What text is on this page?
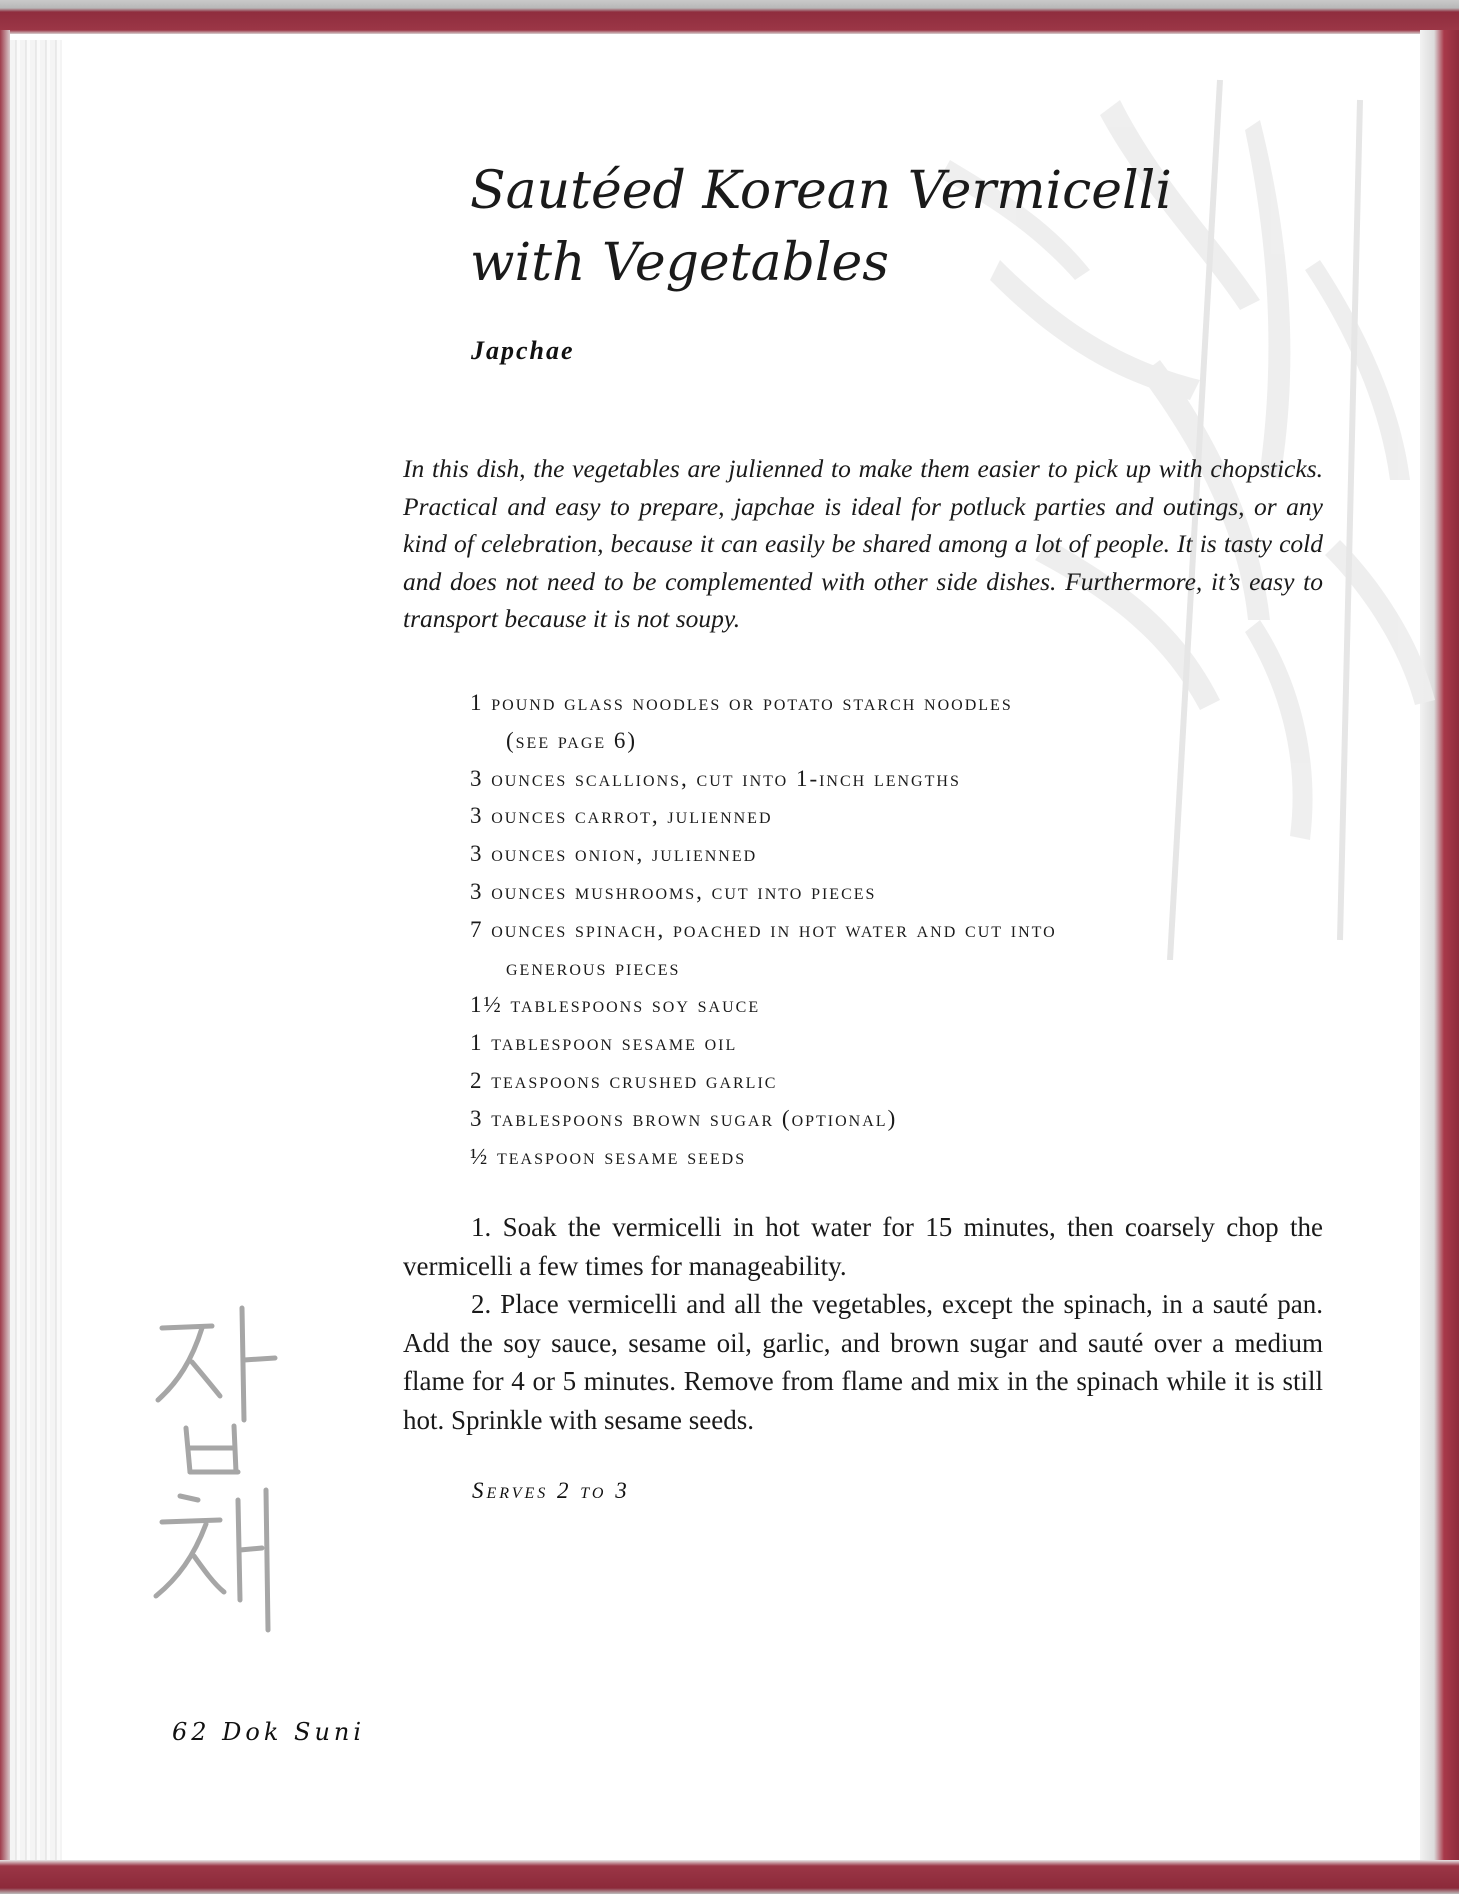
Sautéed Korean Vermicelli
with Vegetables

Japchae

In this dish, the vegetables are julienned to make them easier to pick up with chopsticks. Practical and easy to prepare, japchae is ideal for potluck parties and outings, or any kind of celebration, because it can easily be shared among a lot of people. It is tasty cold and does not need to be complemented with other side dishes. Furthermore, it’s easy to transport because it is not soupy.

1 pound glass noodles or potato starch noodles
(see page 6)
3 ounces scallions, cut into 1-inch lengths
3 ounces carrot, julienned
3 ounces onion, julienned
3 ounces mushrooms, cut into pieces
7 ounces spinach, poached in hot water and cut into
generous pieces
1½ tablespoons soy sauce
1 tablespoon sesame oil
2 teaspoons crushed garlic
3 tablespoons brown sugar (optional)
½ teaspoon sesame seeds

1. Soak the vermicelli in hot water for 15 minutes, then coarsely chop the vermicelli a few times for manageability.

2. Place vermicelli and all the vegetables, except the spinach, in a sauté pan. Add the soy sauce, sesame oil, garlic, and brown sugar and sauté over a medium flame for 4 or 5 minutes. Remove from flame and mix in the spinach while it is still hot. Sprinkle with sesame seeds.

Serves 2 to 3

62 Dok Suni
